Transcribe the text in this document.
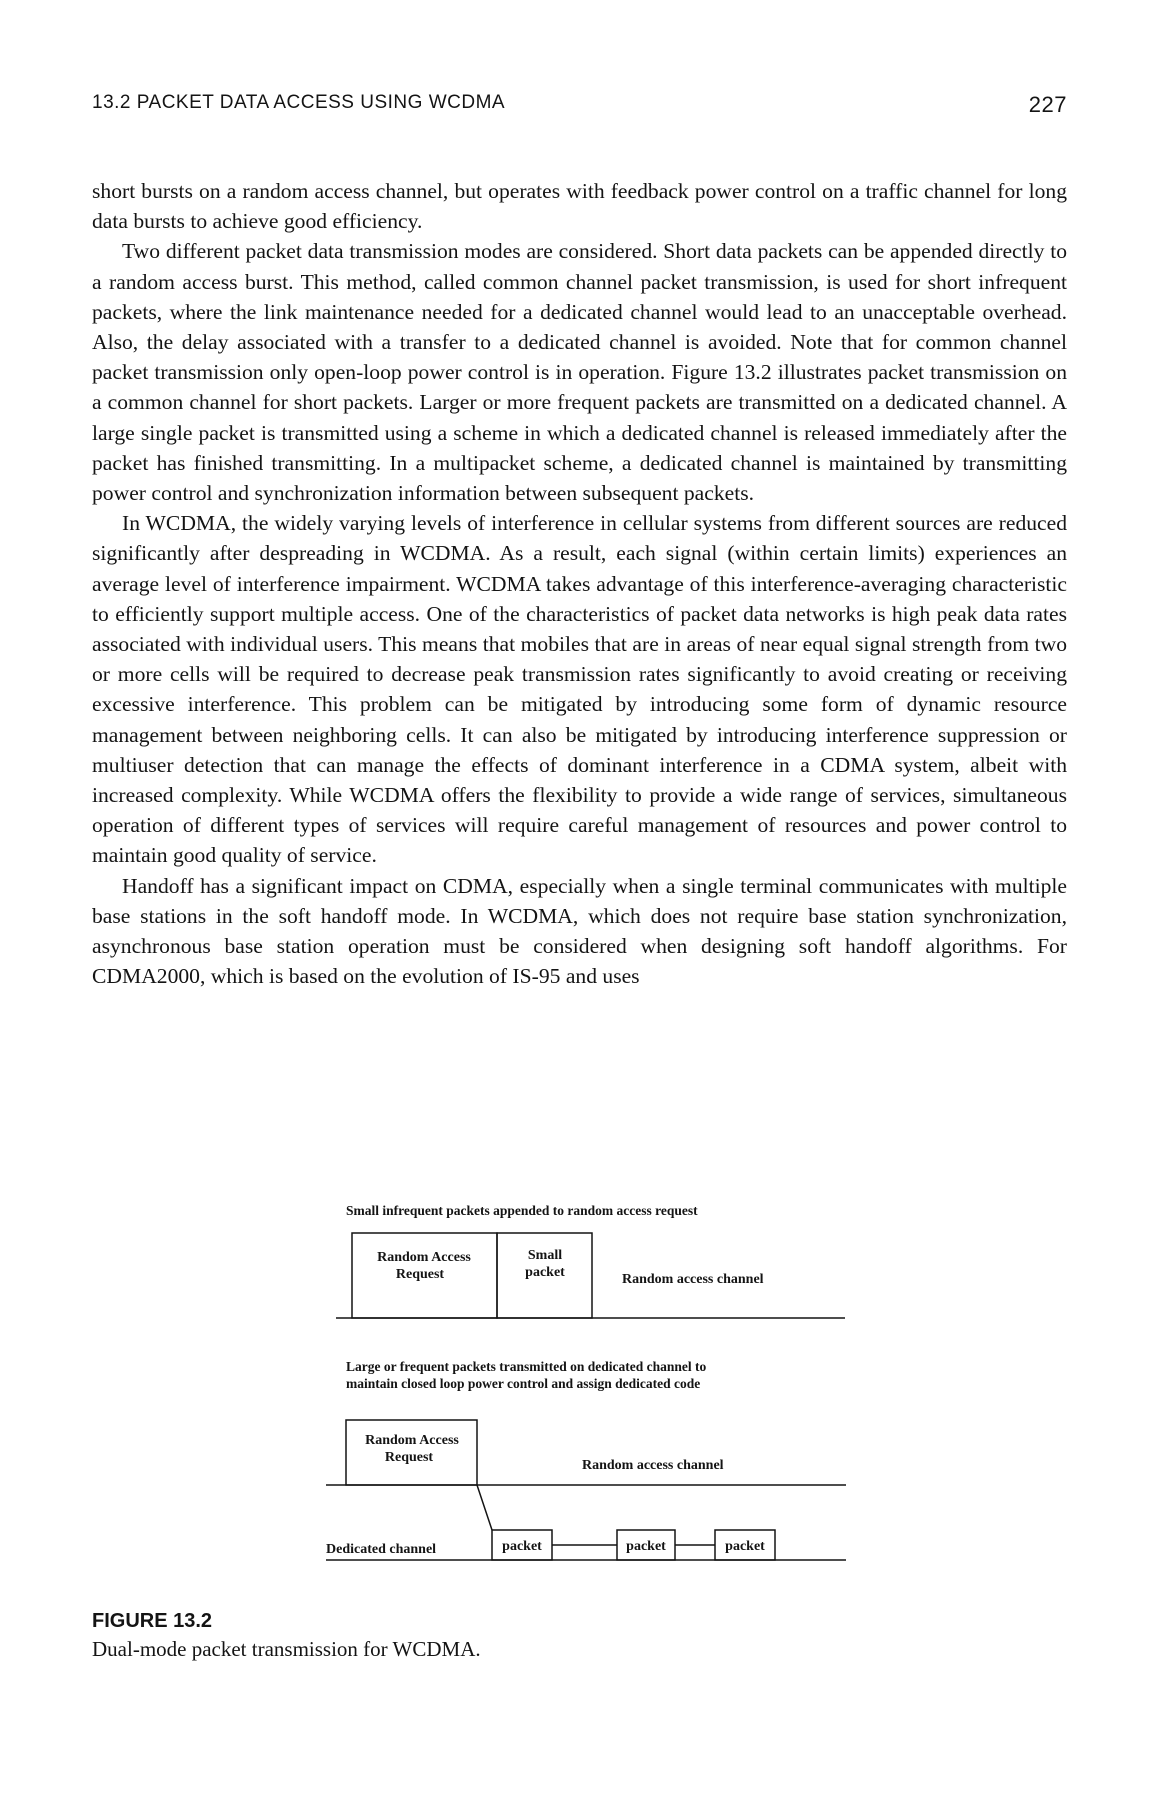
13.2 PACKET DATA ACCESS USING WCDMA	227

short bursts on a random access channel, but operates with feedback power control on a traffic channel for long data bursts to achieve good efficiency.

Two different packet data transmission modes are considered. Short data packets can be appended directly to a random access burst. This method, called common channel packet transmission, is used for short infrequent packets, where the link maintenance needed for a dedicated channel would lead to an unacceptable overhead. Also, the delay associated with a transfer to a dedicated channel is avoided. Note that for common channel packet transmission only open-loop power control is in operation. Figure 13.2 illustrates packet transmission on a common channel for short packets. Larger or more frequent packets are transmitted on a dedicated channel. A large single packet is transmitted using a scheme in which a dedicated channel is released immediately after the packet has finished transmitting. In a multipacket scheme, a dedicated channel is maintained by transmitting power control and synchronization information between subsequent packets.

In WCDMA, the widely varying levels of interference in cellular systems from different sources are reduced significantly after despreading in WCDMA. As a result, each signal (within certain limits) experiences an average level of interference impairment. WCDMA takes advantage of this interference-averaging characteristic to efficiently support multiple access. One of the characteristics of packet data networks is high peak data rates associated with individual users. This means that mobiles that are in areas of near equal signal strength from two or more cells will be required to decrease peak transmission rates significantly to avoid creating or receiving excessive interference. This problem can be mitigated by introducing some form of dynamic resource management between neighboring cells. It can also be mitigated by introducing interference suppression or multiuser detection that can manage the effects of dominant interference in a CDMA system, albeit with increased complexity. While WCDMA offers the flexibility to provide a wide range of services, simultaneous operation of different types of services will require careful management of resources and power control to maintain good quality of service.

Handoff has a significant impact on CDMA, especially when a single terminal communicates with multiple base stations in the soft handoff mode. In WCDMA, which does not require base station synchronization, asynchronous base station operation must be considered when designing soft handoff algorithms. For CDMA2000, which is based on the evolution of IS-95 and uses

Small infrequent packets appended to random access request
Random Access
Request
Small
packet	Random access channel
Large or frequent packets transmitted on dedicated channel to
maintain closed loop power control and assign dedicated code
Random Access
Request
Random access channel
Dedicated channel	packet	packet	packet
FIGURE 13.2
Dual-mode packet transmission for WCDMA.
